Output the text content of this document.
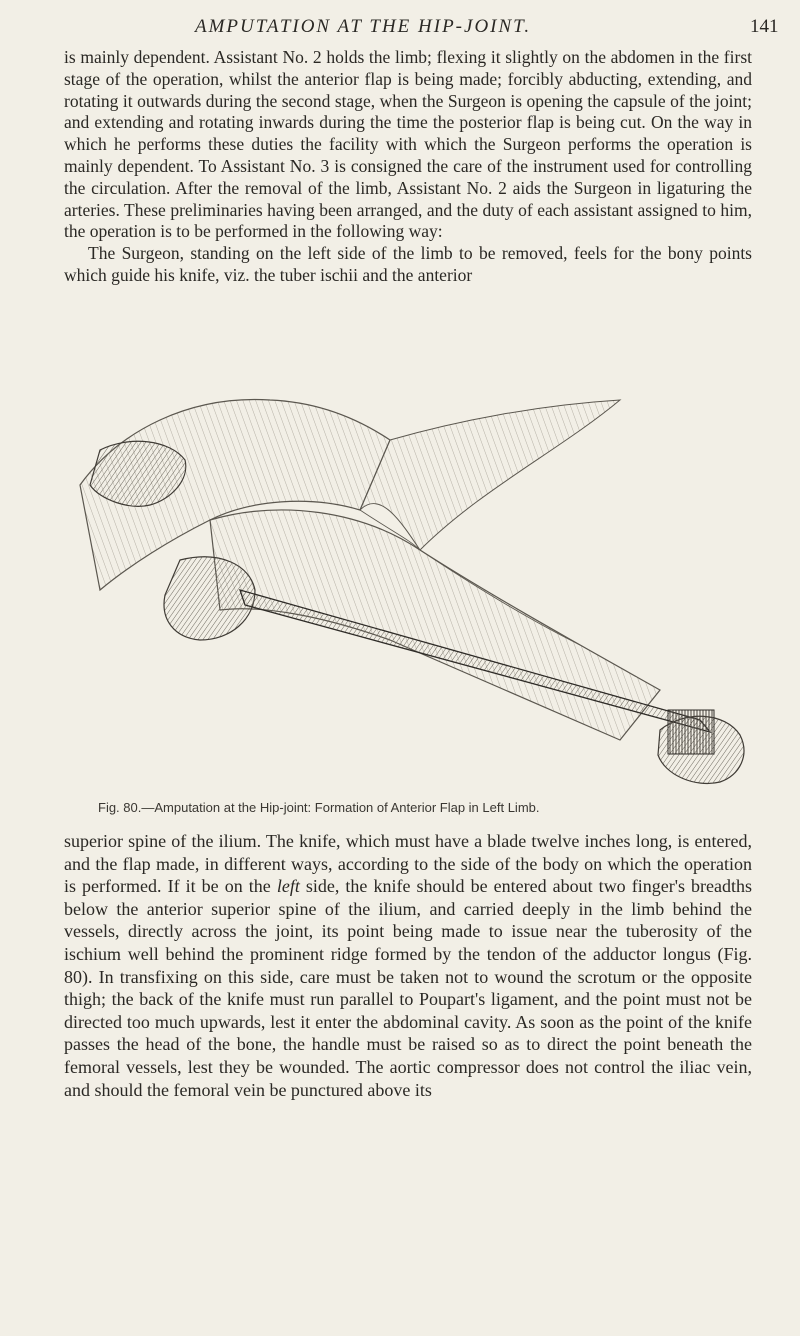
AMPUTATION AT THE HIP-JOINT.	141

is mainly dependent. Assistant No. 2 holds the limb; flexing it slightly on the abdomen in the first stage of the operation, whilst the anterior flap is being made; forcibly abducting, extending, and rotating it outwards during the second stage, when the Surgeon is opening the capsule of the joint; and extending and rotating inwards during the time the posterior flap is being cut. On the way in which he performs these duties the facility with which the Surgeon performs the operation is mainly dependent. To Assistant No. 3 is consigned the care of the instrument used for controlling the circulation. After the removal of the limb, Assistant No. 2 aids the Surgeon in ligaturing the arteries. These preliminaries having been arranged, and the duty of each assistant assigned to him, the operation is to be performed in the following way:

The Surgeon, standing on the left side of the limb to be removed, feels for the bony points which guide his knife, viz. the tuber ischii and the anterior

Fig. 80.—Amputation at the Hip-joint: Formation of Anterior Flap in Left Limb.

superior spine of the ilium. The knife, which must have a blade twelve inches long, is entered, and the flap made, in different ways, according to the side of the body on which the operation is performed. If it be on the left side, the knife should be entered about two finger's breadths below the anterior superior spine of the ilium, and carried deeply in the limb behind the vessels, directly across the joint, its point being made to issue near the tuberosity of the ischium well behind the prominent ridge formed by the tendon of the adductor longus (Fig. 80). In transfixing on this side, care must be taken not to wound the scrotum or the opposite thigh; the back of the knife must run parallel to Poupart's ligament, and the point must not be directed too much upwards, lest it enter the abdominal cavity. As soon as the point of the knife passes the head of the bone, the handle must be raised so as to direct the point beneath the femoral vessels, lest they be wounded. The aortic compressor does not control the iliac vein, and should the femoral vein be punctured above its
